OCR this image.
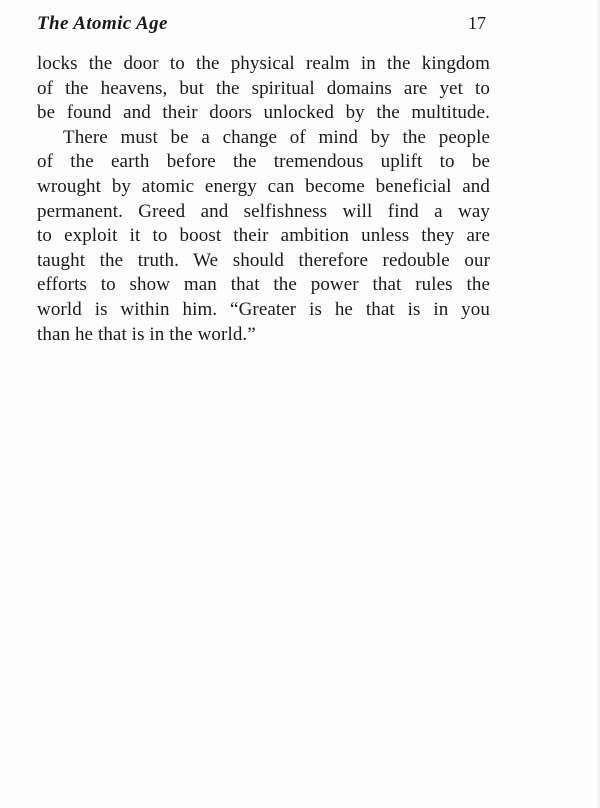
The Atomic Age	17
locks the door to the physical realm in the kingdom
of the heavens, but the spiritual domains are yet to
be found and their doors unlocked by the multitude.
There must be a change of mind by the people
of the earth before the tremendous uplift to be
wrought by atomic energy can become beneficial and
permanent. Greed and selfishness will find a way
to exploit it to boost their ambition unless they are
taught the truth. We should therefore redouble our
efforts to show man that the power that rules the
world is within him. “Greater is he that is in you
than he that is in the world.”
